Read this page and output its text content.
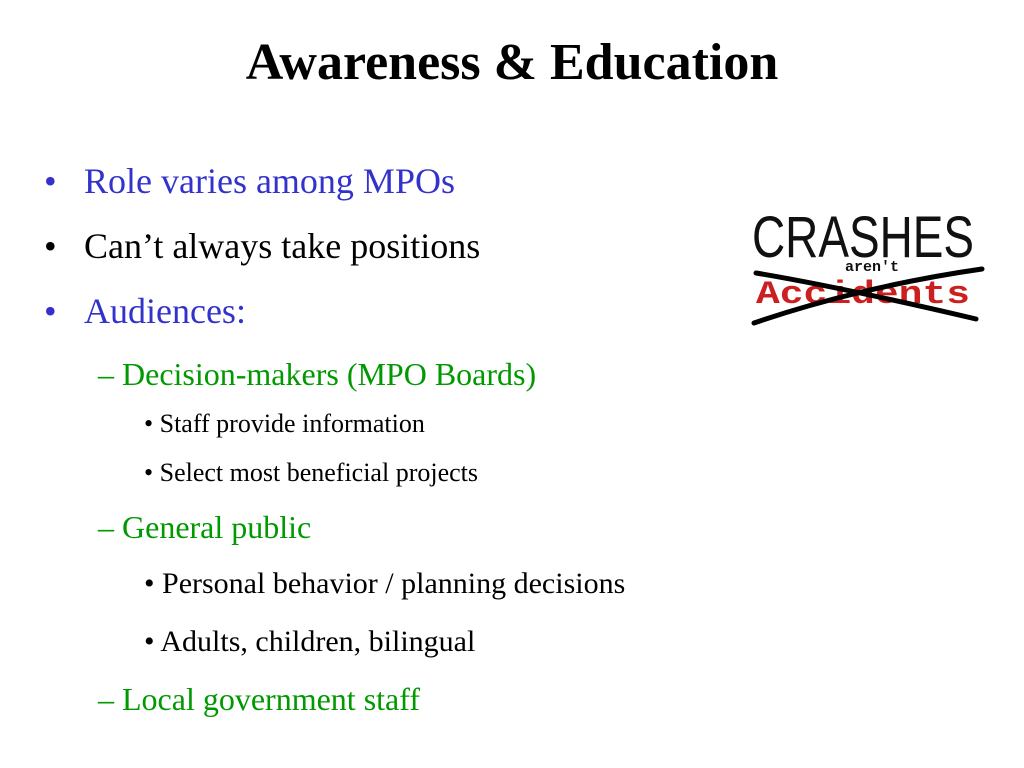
Awareness & Education
• Role varies among MPOs
• Can’t always take positions
• Audiences:
– Decision-makers (MPO Boards)
• Staff provide information
• Select most beneficial projects
– General public
• Personal behavior / planning decisions
• Adults, children, bilingual
– Local government staff
CRASHES
aren't
Accidents
